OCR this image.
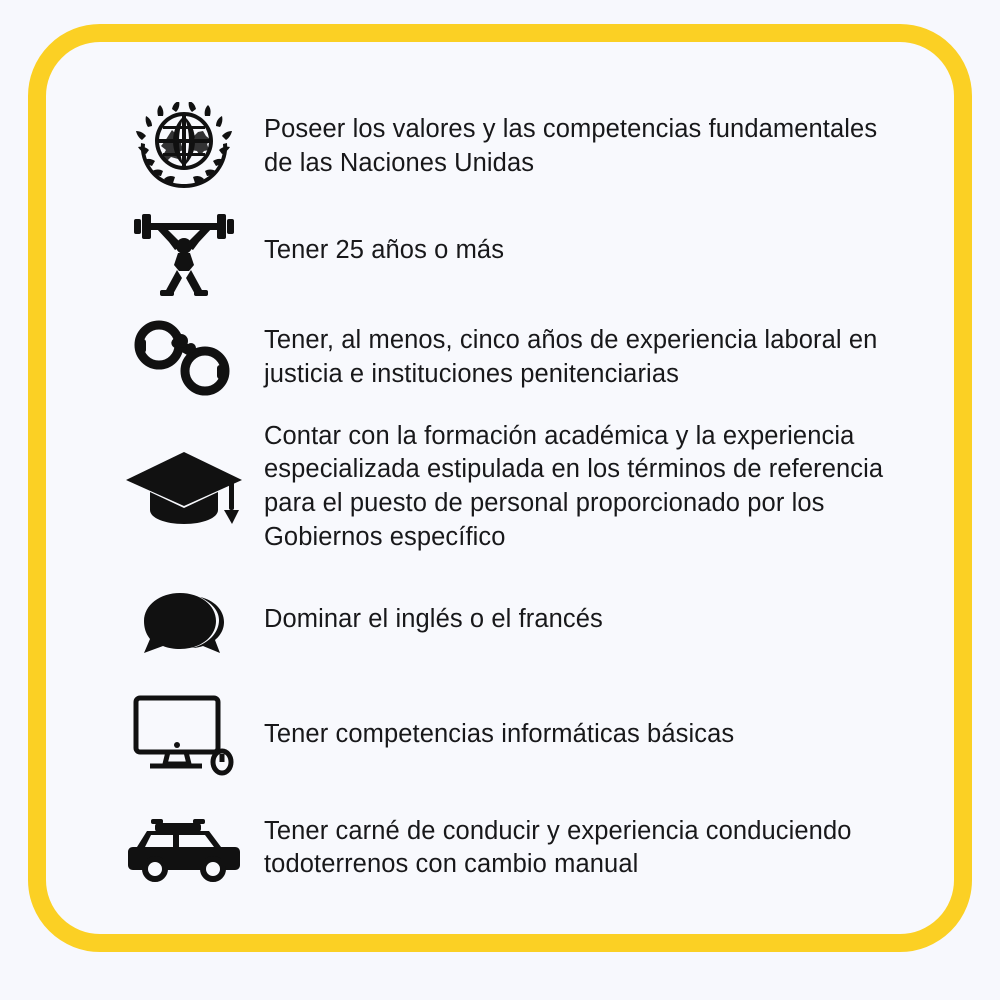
Poseer los valores y las competencias fundamentales de las Naciones Unidas
Tener 25 años o más
Tener, al menos, cinco años de experiencia laboral en justicia e instituciones penitenciarias
Contar con la formación académica y la experiencia especializada estipulada en los términos de referencia para el puesto de personal proporcionado por los Gobiernos específico
Dominar el inglés o el francés
Tener competencias informáticas básicas
Tener carné de conducir y experiencia conduciendo todoterrenos con cambio manual
